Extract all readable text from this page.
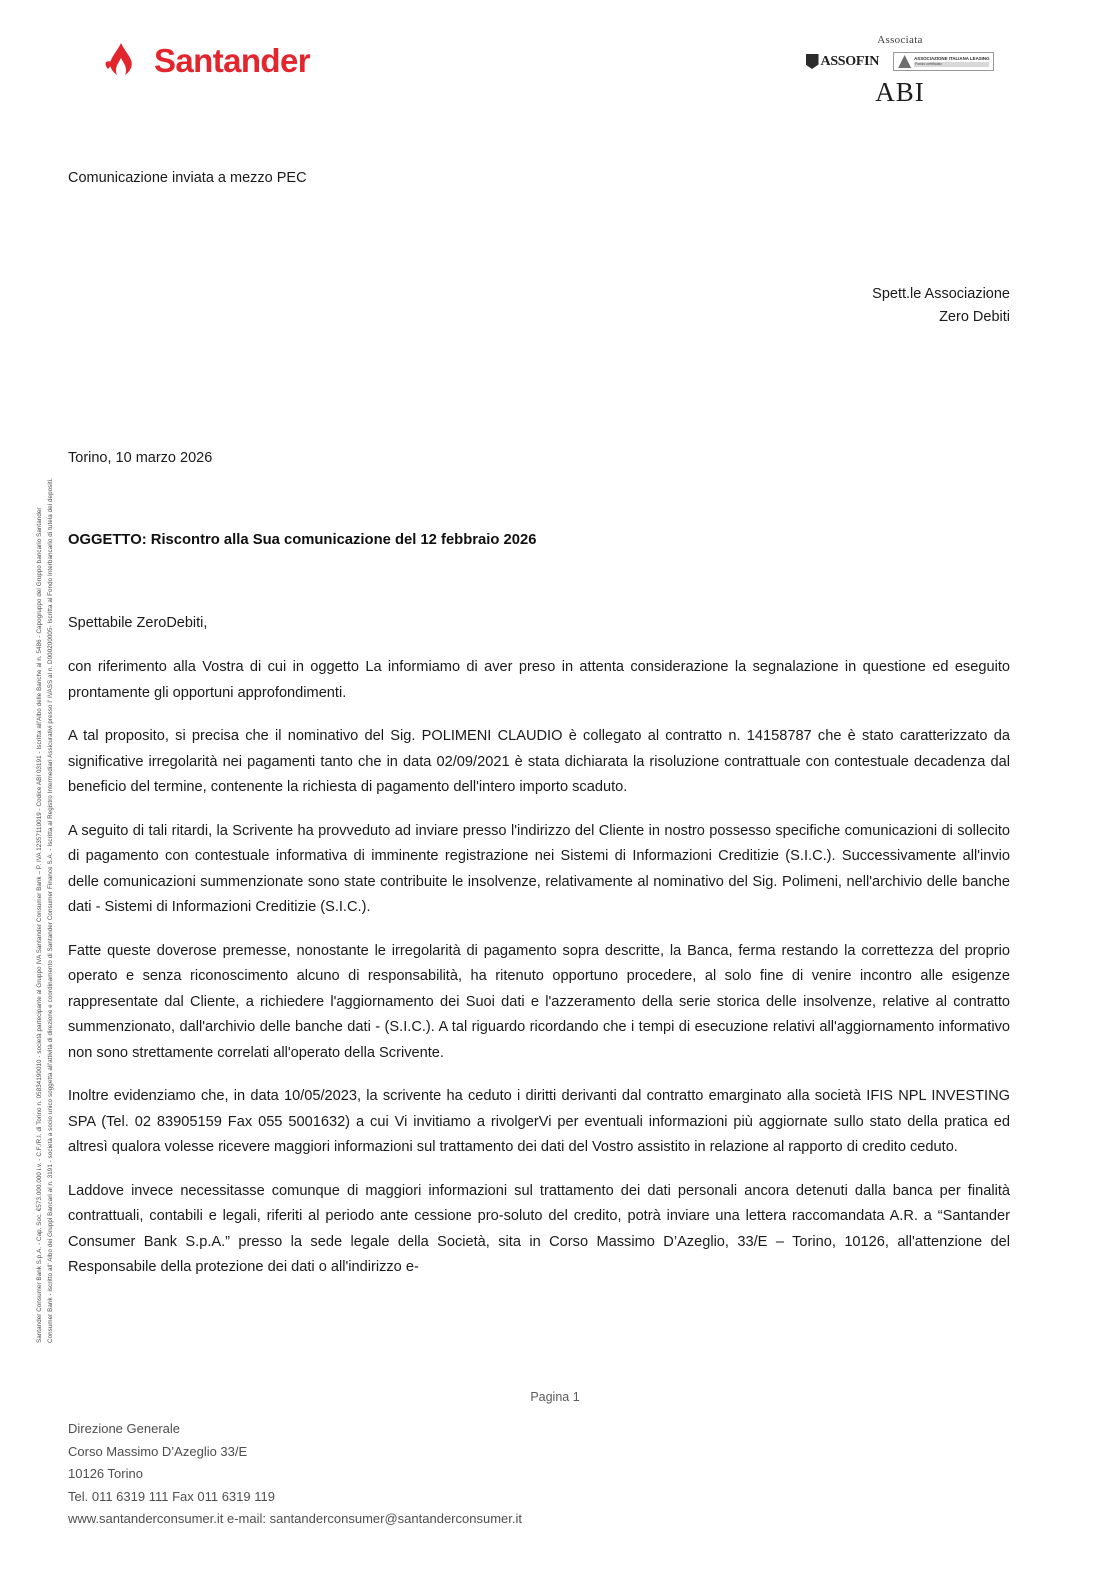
Santander Consumer Bank S.p.A. - Cap. Soc. €573.000.000 i.v. - C.F./R.I. di Torino n. 05834190010 - società partecipante al Gruppo IVA Santander Consumer Bank – P. IVA 12357110019 - Codice ABI 03191 - Iscritta all'Albo delle Banche al n. 5486 - Capogruppo del Gruppo bancario Santander Consumer Bank - iscritto all' Albo dei Gruppi Bancari al n. 3191 - società a socio unico soggetta all'attività di direzione e coordinamento di Santander Consumer Finance S.A. - Iscritta al Registro Intermediari Assicurativi presso l' IVASS al n. D000200005- Iscritta al Fondo Interbancario di tutela dei depositi.
Santander
Associata
ASSOFIN	ASSOCIAZIONE ITALIANA LEASING
Fondo certificato
ABI
Comunicazione inviata a mezzo PEC
Spett.le Associazione
Zero Debiti
Torino, 10 marzo 2026
OGGETTO: Riscontro alla Sua comunicazione del 12 febbraio 2026
Spettabile ZeroDebiti,

con riferimento alla Vostra di cui in oggetto La informiamo di aver preso in attenta considerazione la segnalazione in questione ed eseguito prontamente gli opportuni approfondimenti.

A tal proposito, si precisa che il nominativo del Sig. POLIMENI CLAUDIO è collegato al contratto n. 14158787 che è stato caratterizzato da significative irregolarità nei pagamenti tanto che in data 02/09/2021 è stata dichiarata la risoluzione contrattuale con contestuale decadenza dal beneficio del termine, contenente la richiesta di pagamento dell'intero importo scaduto.

A seguito di tali ritardi, la Scrivente ha provveduto ad inviare presso l'indirizzo del Cliente in nostro possesso specifiche comunicazioni di sollecito di pagamento con contestuale informativa di imminente registrazione nei Sistemi di Informazioni Creditizie (S.I.C.). Successivamente all'invio delle comunicazioni summenzionate sono state contribuite le insolvenze, relativamente al nominativo del Sig. Polimeni, nell'archivio delle banche dati - Sistemi di Informazioni Creditizie (S.I.C.).

Fatte queste doverose premesse, nonostante le irregolarità di pagamento sopra descritte, la Banca, ferma restando la correttezza del proprio operato e senza riconoscimento alcuno di responsabilità, ha ritenuto opportuno procedere, al solo fine di venire incontro alle esigenze rappresentate dal Cliente, a richiedere l'aggiornamento dei Suoi dati e l'azzeramento della serie storica delle insolvenze, relative al contratto summenzionato, dall'archivio delle banche dati - (S.I.C.). A tal riguardo ricordando che i tempi di esecuzione relativi all'aggiornamento informativo non sono strettamente correlati all'operato della Scrivente.

Inoltre evidenziamo che, in data 10/05/2023, la scrivente ha ceduto i diritti derivanti dal contratto emarginato alla società IFIS NPL INVESTING SPA (Tel. 02 83905159 Fax 055 5001632) a cui Vi invitiamo a rivolgerVi per eventuali informazioni più aggiornate sullo stato della pratica ed altresì qualora volesse ricevere maggiori informazioni sul trattamento dei dati del Vostro assistito in relazione al rapporto di credito ceduto.

Laddove invece necessitasse comunque di maggiori informazioni sul trattamento dei dati personali ancora detenuti dalla banca per finalità contrattuali, contabili e legali, riferiti al periodo ante cessione pro-soluto del credito, potrà inviare una lettera raccomandata A.R. a “Santander Consumer Bank S.p.A.” presso la sede legale della Società, sita in Corso Massimo D’Azeglio, 33/E – Torino, 10126, all'attenzione del Responsabile della protezione dei dati o all'indirizzo e-

Pagina 1
Direzione Generale
Corso Massimo D’Azeglio 33/E
10126 Torino
Tel. 011 6319 111 Fax 011 6319 119
www.santanderconsumer.it e-mail: santanderconsumer@santanderconsumer.it
